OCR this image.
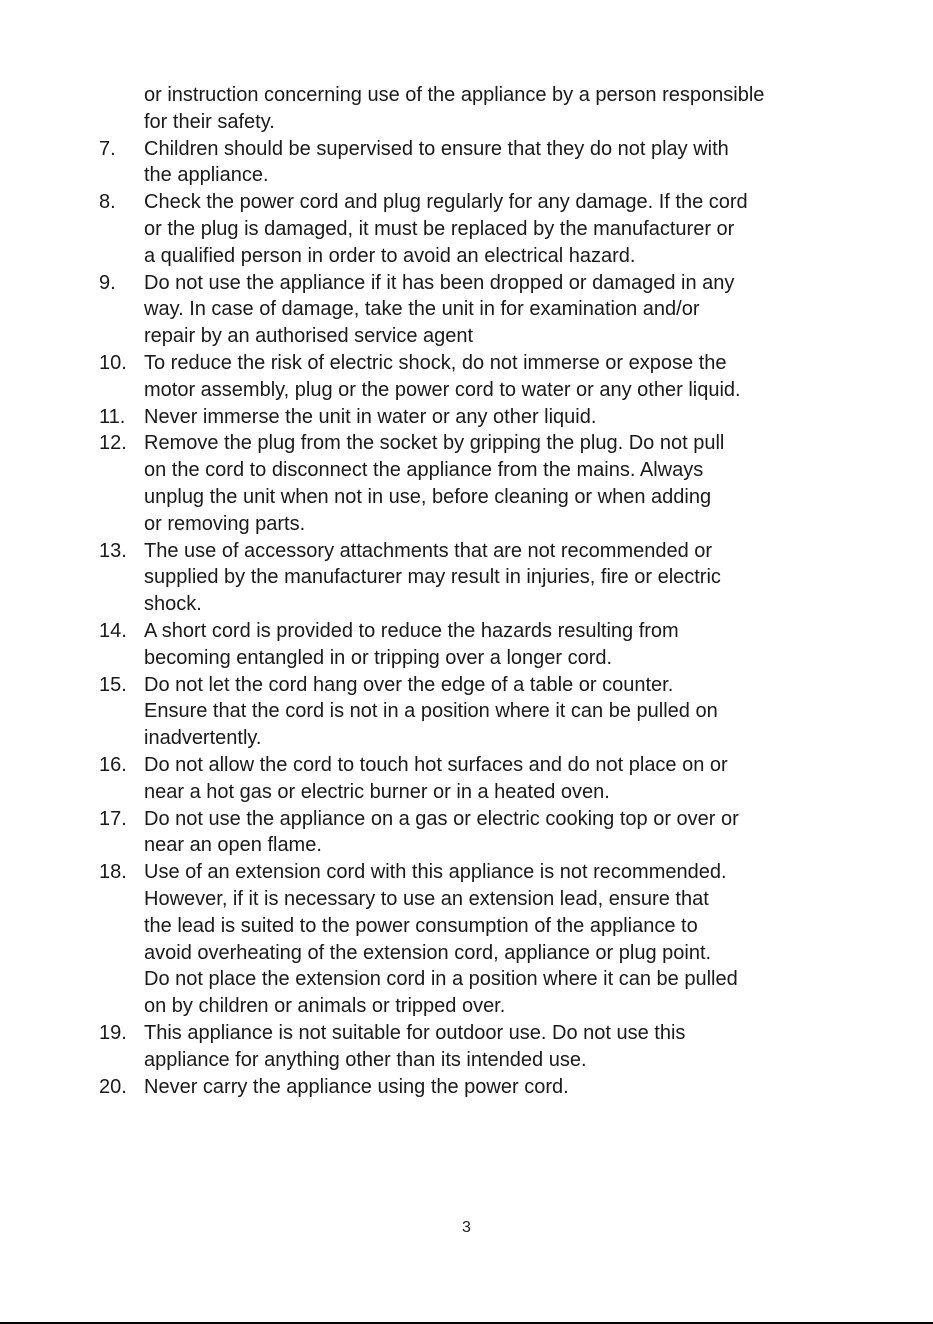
or instruction concerning use of the appliance by a person responsible
for their safety.
7. Children should be supervised to ensure that they do not play with
the appliance.
8. Check the power cord and plug regularly for any damage. If the cord
or the plug is damaged, it must be replaced by the manufacturer or
a qualified person in order to avoid an electrical hazard.
9. Do not use the appliance if it has been dropped or damaged in any
way. In case of damage, take the unit in for examination and/or
repair by an authorised service agent
10. To reduce the risk of electric shock, do not immerse or expose the
motor assembly, plug or the power cord to water or any other liquid.
11. Never immerse the unit in water or any other liquid.
12. Remove the plug from the socket by gripping the plug. Do not pull
on the cord to disconnect the appliance from the mains. Always
unplug the unit when not in use, before cleaning or when adding
or removing parts.
13. The use of accessory attachments that are not recommended or
supplied by the manufacturer may result in injuries, fire or electric
shock.
14. A short cord is provided to reduce the hazards resulting from
becoming entangled in or tripping over a longer cord.
15. Do not let the cord hang over the edge of a table or counter.
Ensure that the cord is not in a position where it can be pulled on
inadvertently.
16. Do not allow the cord to touch hot surfaces and do not place on or
near a hot gas or electric burner or in a heated oven.
17. Do not use the appliance on a gas or electric cooking top or over or
near an open flame.
18. Use of an extension cord with this appliance is not recommended.
However, if it is necessary to use an extension lead, ensure that
the lead is suited to the power consumption of the appliance to
avoid overheating of the extension cord, appliance or plug point.
Do not place the extension cord in a position where it can be pulled
on by children or animals or tripped over.
19. This appliance is not suitable for outdoor use. Do not use this
appliance for anything other than its intended use.
20. Never carry the appliance using the power cord.
3
